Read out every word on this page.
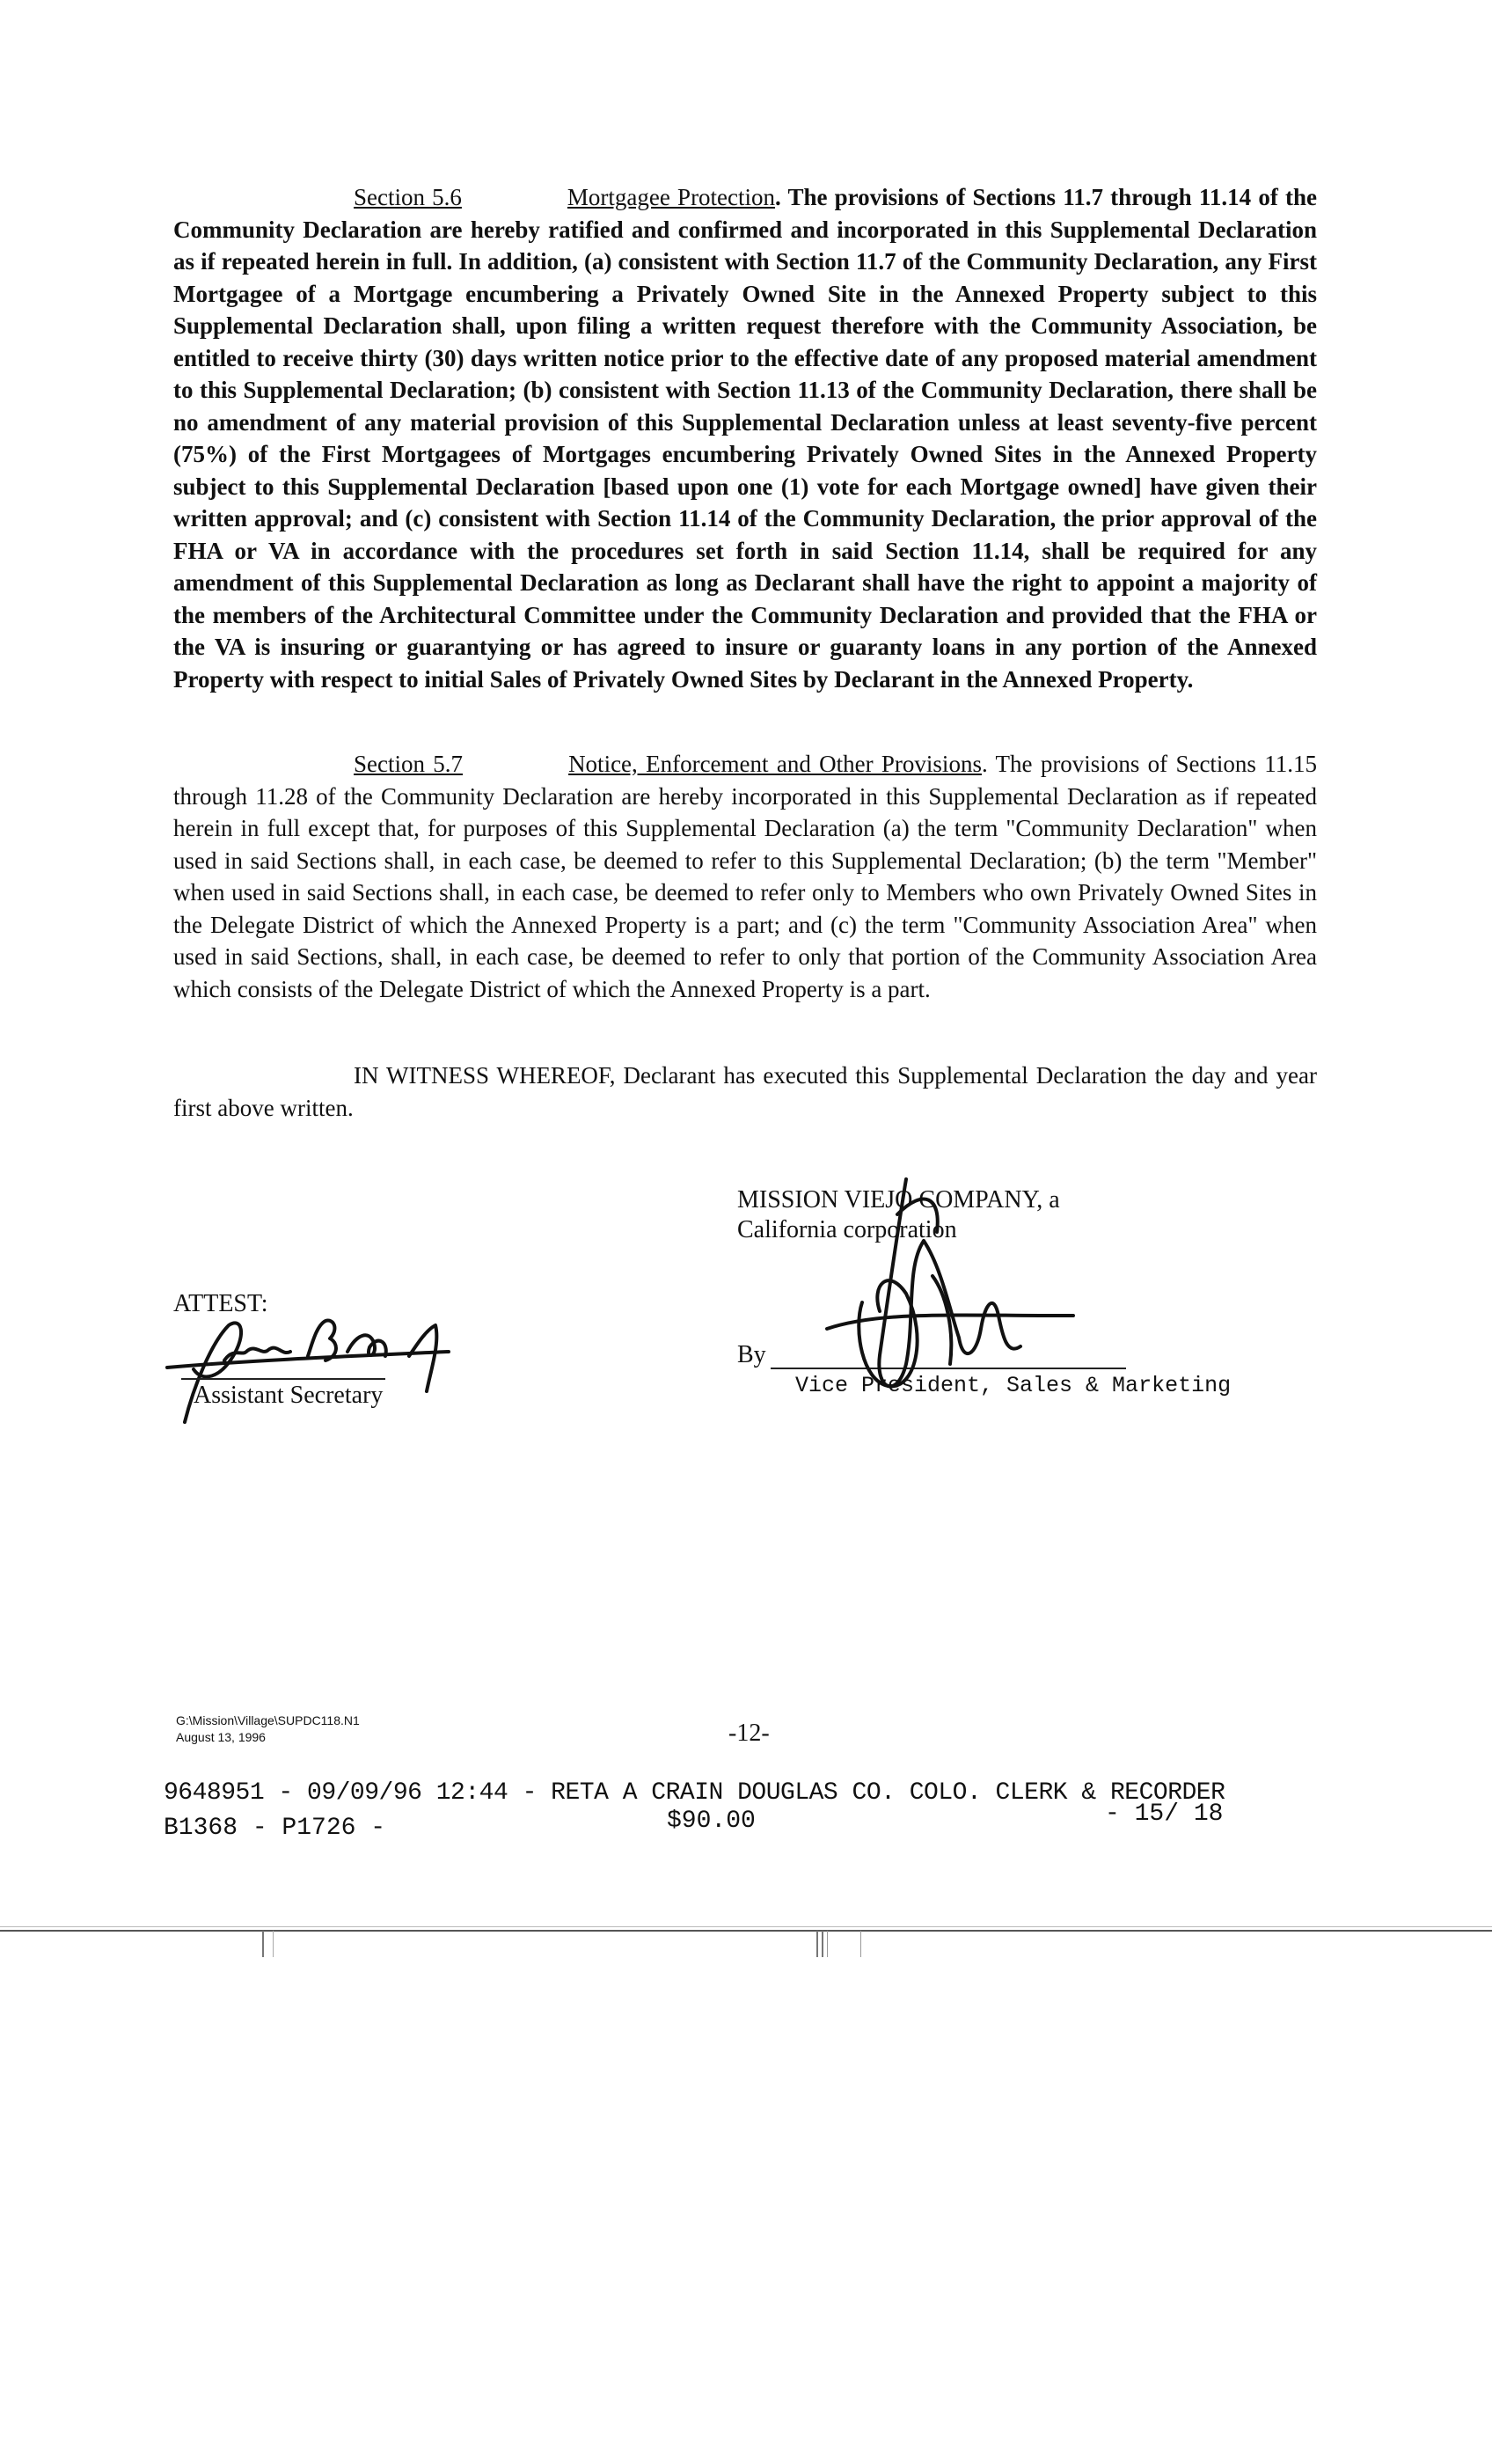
Section 5.6	Mortgagee Protection. The provisions of Sections 11.7 through 11.14 of the Community Declaration are hereby ratified and confirmed and incorporated in this Supplemental Declaration as if repeated herein in full. In addition, (a) consistent with Section 11.7 of the Community Declaration, any First Mortgagee of a Mortgage encumbering a Privately Owned Site in the Annexed Property subject to this Supplemental Declaration shall, upon filing a written request therefore with the Community Association, be entitled to receive thirty (30) days written notice prior to the effective date of any proposed material amendment to this Supplemental Declaration; (b) consistent with Section 11.13 of the Community Declaration, there shall be no amendment of any material provision of this Supplemental Declaration unless at least seventy-five percent (75%) of the First Mortgagees of Mortgages encumbering Privately Owned Sites in the Annexed Property subject to this Supplemental Declaration [based upon one (1) vote for each Mortgage owned] have given their written approval; and (c) consistent with Section 11.14 of the Community Declaration, the prior approval of the FHA or VA in accordance with the procedures set forth in said Section 11.14, shall be required for any amendment of this Supplemental Declaration as long as Declarant shall have the right to appoint a majority of the members of the Architectural Committee under the Community Declaration and provided that the FHA or the VA is insuring or guarantying or has agreed to insure or guaranty loans in any portion of the Annexed Property with respect to initial Sales of Privately Owned Sites by Declarant in the Annexed Property.
Section 5.7	Notice, Enforcement and Other Provisions. The provisions of Sections 11.15 through 11.28 of the Community Declaration are hereby incorporated in this Supplemental Declaration as if repeated herein in full except that, for purposes of this Supplemental Declaration (a) the term "Community Declaration" when used in said Sections shall, in each case, be deemed to refer to this Supplemental Declaration; (b) the term "Member" when used in said Sections shall, in each case, be deemed to refer only to Members who own Privately Owned Sites in the Delegate District of which the Annexed Property is a part; and (c) the term "Community Association Area" when used in said Sections, shall, in each case, be deemed to refer to only that portion of the Community Association Area which consists of the Delegate District of which the Annexed Property is a part.
IN WITNESS WHEREOF, Declarant has executed this Supplemental Declaration the day and year first above written.
MISSION VIEJO COMPANY, a
California corporation
ATTEST:
By
Vice President, Sales & Marketing
Assistant Secretary
G:\Mission\Village\SUPDC118.N1
August 13, 1996	-12-
9648951 - 09/09/96 12:44 - RETA A CRAIN DOUGLAS CO. COLO. CLERK & RECORDER
B1368 - P1726 -	$90.00	- 15/ 18
